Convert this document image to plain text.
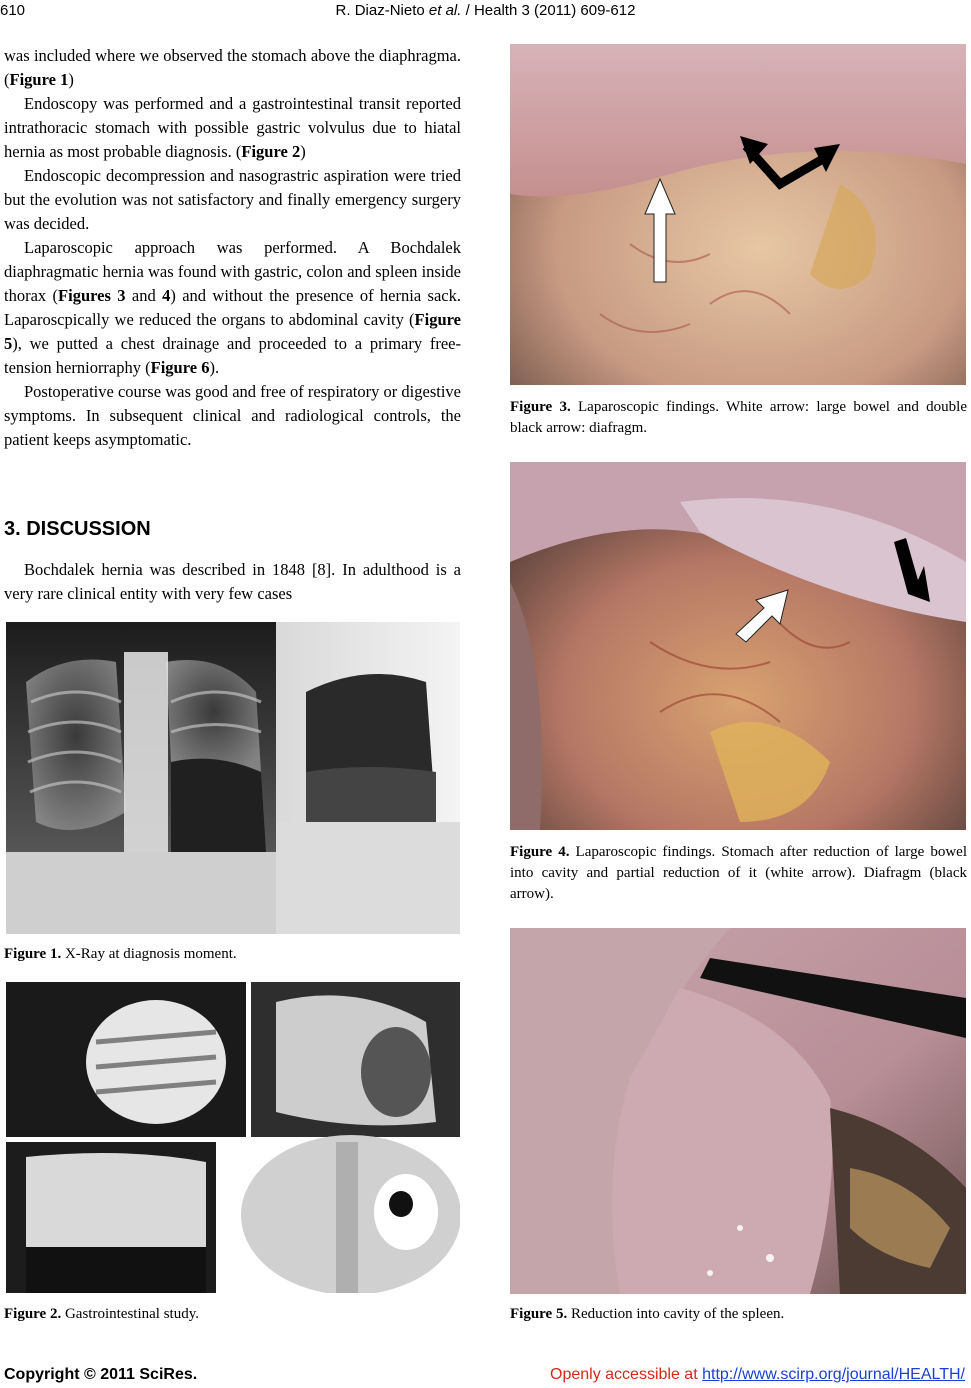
610	R. Diaz-Nieto et al. / Health 3 (2011) 609-612

was included where we observed the stomach above the diaphragma. (Figure 1)

Endoscopy was performed and a gastrointestinal transit reported intrathoracic stomach with possible gastric volvulus due to hiatal hernia as most probable diagnosis. (Figure 2)

Endoscopic decompression and nasograstric aspiration were tried but the evolution was not satisfactory and finally emergency surgery was decided.

Laparoscopic approach was performed. A Bochdalek diaphragmatic hernia was found with gastric, colon and spleen inside thorax (Figures 3 and 4) and without the presence of hernia sack. Laparoscpically we reduced the organs to abdominal cavity (Figure 5), we putted a chest drainage and proceeded to a primary free-tension herniorraphy (Figure 6).

Postoperative course was good and free of respiratory or digestive symptoms. In subsequent clinical and radiological controls, the patient keeps asymptomatic.

3. DISCUSSION

Bochdalek hernia was described in 1848 [8]. In adulthood is a very rare clinical entity with very few cases

Figure 1. X-Ray at diagnosis moment.
Figure 2. Gastrointestinal study.
Figure 3. Laparoscopic findings. White arrow: large bowel and double black arrow: diafragm.
Figure 4. Laparoscopic findings. Stomach after reduction of large bowel into cavity and partial reduction of it (white arrow). Diafragm (black arrow).
Figure 5. Reduction into cavity of the spleen.
Copyright © 2011 SciRes.	Openly accessible at http://www.scirp.org/journal/HEALTH/
